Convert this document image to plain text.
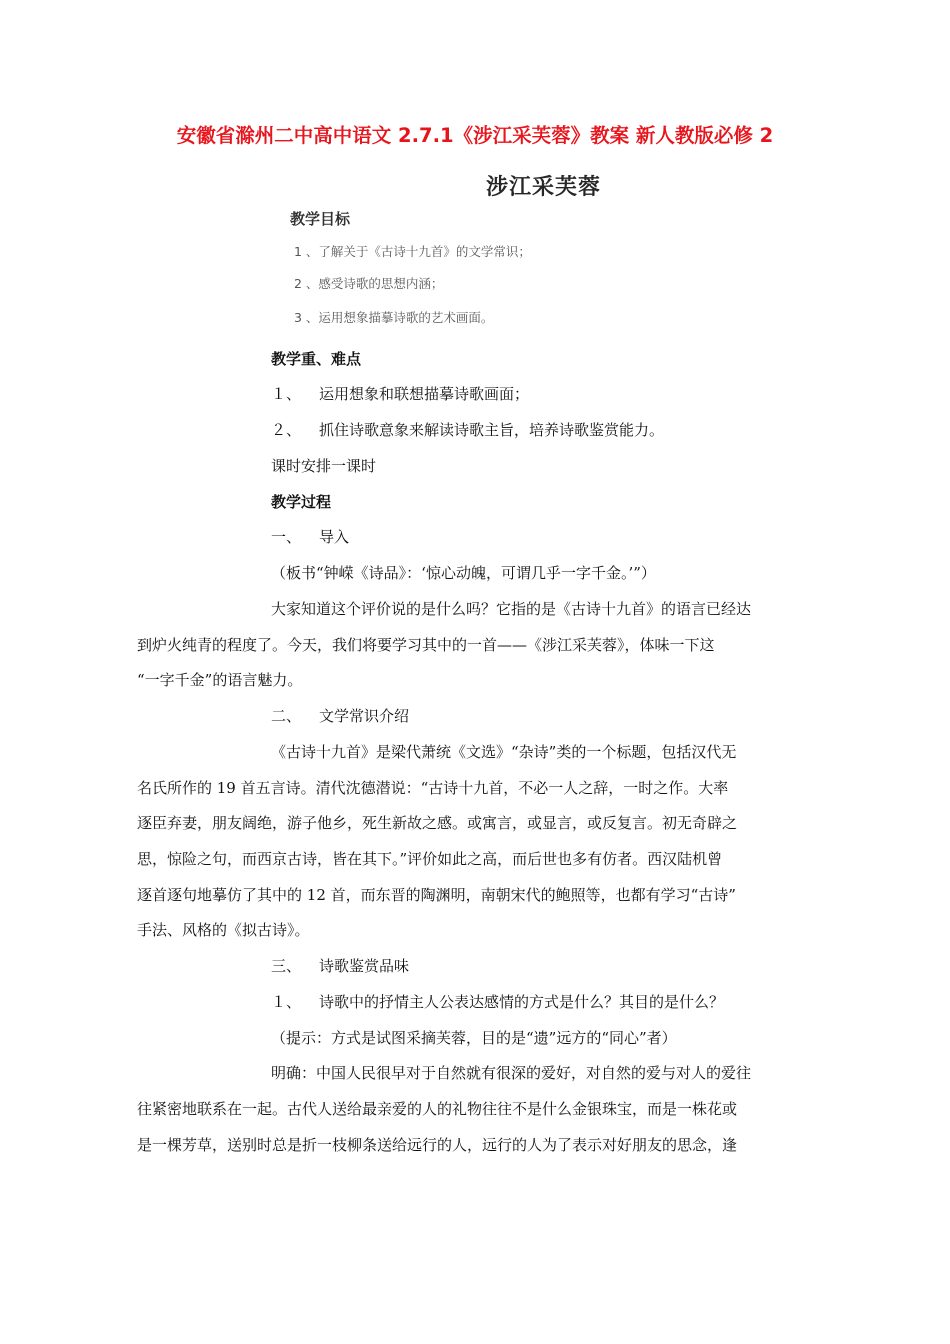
安徽省滁州二中高中语文 2.7.1《涉江采芙蓉》教案 新人教版必修 2
涉江采芙蓉
教学目标
1 、了解关于《古诗十九首》的文学常识；
2 、感受诗歌的思想内涵；
3 、运用想象描摹诗歌的艺术画面。
教学重、难点
１、 运用想象和联想描摹诗歌画面；
２、 抓住诗歌意象来解读诗歌主旨，培养诗歌鉴赏能力。
课时安排一课时
教学过程
一、 导入
（板书“钟嵘《诗品》：‘惊心动魄，可谓几乎一字千金。’”）
大家知道这个评价说的是什么吗？它指的是《古诗十九首》的语言已经达
到炉火纯青的程度了。今天，我们将要学习其中的一首——《涉江采芙蓉》，体味一下这
“一字千金”的语言魅力。
二、 文学常识介绍
《古诗十九首》是梁代萧统《文选》“杂诗”类的一个标题，包括汉代无
名氏所作的 19 首五言诗。清代沈德潜说：“古诗十九首，不必一人之辞，一时之作。大率
逐臣弃妻，朋友阔绝，游子他乡，死生新故之感。或寓言，或显言，或反复言。初无奇辟之
思，惊险之句，而西京古诗，皆在其下。”评价如此之高，而后世也多有仿者。西汉陆机曾
逐首逐句地摹仿了其中的 12 首，而东晋的陶渊明，南朝宋代的鲍照等，也都有学习“古诗”
手法、风格的《拟古诗》。
三、 诗歌鉴赏品味
１、 诗歌中的抒情主人公表达感情的方式是什么？其目的是什么？
（提示：方式是试图采摘芙蓉，目的是“遗”远方的“同心”者）
明确：中国人民很早对于自然就有很深的爱好，对自然的爱与对人的爱往
往紧密地联系在一起。古代人送给最亲爱的人的礼物往往不是什么金银珠宝，而是一株花或
是一棵芳草，送别时总是折一枝柳条送给远行的人，远行的人为了表示对好朋友的思念，逢
